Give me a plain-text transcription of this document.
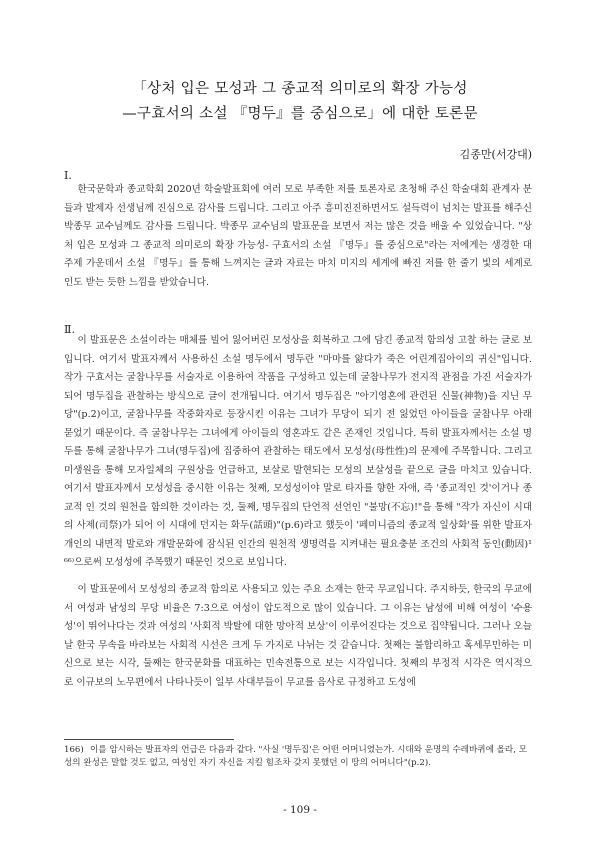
「상처 입은 모성과 그 종교적 의미로의 확장 가능성
—구효서의 소설 『명두』를 중심으로」에 대한 토론문
김종만(서강대)
Ⅰ.

한국문학과 종교학회 2020년 학술발표회에 여러 모로 부족한 저를 토론자로 초청해 주신 학술대회 관계자 분들과 발제자 선생님께 진심으로 감사를 드립니다. 그리고 아주 흥미진진하면서도 설득력이 넘치는 발표를 해주신 박종무 교수님께도 감사를 드립니다. 박종무 교수님의 발표문을 보면서 저는 많은 것을 배울 수 있었습니다. "상처 입은 모성과 그 종교적 의미로의 확장 가능성- 구효서의 소설 『명두』를 중심으로"라는 저에게는 생경한 대주제 가운데서 소설 『명두』를 통해 느껴지는 글과 자료는 마치 미지의 세계에 빠진 저를 한 줄기 빛의 세계로 인도 받는 듯한 느낌을 받았습니다.

Ⅱ.

이 발표문은 소설이라는 매체를 빌어 잃어버린 모성상을 회복하고 그에 담긴 종교적 함의성 고찰 하는 글로 보입니다. 여기서 발표자께서 사용하신 소설 명두에서 명두란 "마마를 앓다가 죽은 어린계집아이의 귀신"입니다. 작가 구효서는 굴참나무를 서술자로 이용하여 작품을 구성하고 있는데 굴참나무가 전지적 관점을 가진 서술자가 되어 명두집을 관찰하는 방식으로 글이 전개됩니다. 여기서 명두집은 "아기영혼에 관련된 신물(神物)을 지닌 무당"(p.2)이고, 굴참나무를 작중화자로 등장시킨 이유는 그녀가 무당이 되기 전 잃었던 아이들을 굴참나무 아래 묻었기 때문이다. 즉 굴참나무는 그녀에게 아이들의 영혼과도 같은 존재인 것입니다. 특히 발표자께서는 소설 명두를 통해 굴참나무가 그녀(명두집)에 집중하여 관찰하는 태도에서 모성성(母性性)의 문제에 주목합니다. 그리고 미생원을 통해 모자일체의 구원상을 언급하고, 보살로 발현되는 모성의 보살성을 끝으로 글을 마치고 있습니다. 여기서 발표자께서 모성성을 중시한 이유는 첫째, 모성성이야 말로 타자를 향한 자애, 즉 '종교적인 것'이거나 종교적 인 것의 원천을 함의한 것이라는 것, 둘째, 명두집의 단언적 선언인 "불망(不忘)!"을 통해 "작가 자신이 시대의 사제(司祭)가 되어 이 시대에 던지는 화두(話頭)"(p.6)라고 했듯이 '페미니즘의 종교적 일상화'를 위한 발표자 개인의 내면적 발로와 개발문화에 잠식된 인간의 원천적 생명력을 지켜내는 필요충분 조건의 사회적 동인(動因)¹⁶⁶⁾으로써 모성성에 주목했기 때문인 것으로 보입니다.

이 발표문에서 모성성의 종교적 함의로 사용되고 있는 주요 소재는 한국 무교입니다. 주지하듯, 한국의 무교에서 여성과 남성의 무당 비율은 7:3으로 여성이 압도적으로 많이 있습니다. 그 이유는 남성에 비해 여성이 '수용성'이 뛰어나다는 것과 여성의 '사회적 박탈에 대한 망아적 보상'이 이루어진다는 것으로 집약됩니다. 그러나 오늘날 한국 무속을 바라보는 사회적 시선은 크게 두 가지로 나뉘는 것 같습니다. 첫째는 불합리하고 혹세무민하는 미신으로 보는 시각, 둘째는 한국문화를 대표하는 민속전통으로 보는 시각입니다. 첫째의 부정적 시각은 역시적으로 이규보의 노무편에서 나타나듯이 일부 사대부들이 무교를 음사로 규정하고 도성에

166) 이를 암시하는 발표자의 언급은 다음과 같다. "사실 '명두집'은 어떤 어머니였는가. 시대와 운명의 수레바퀴에 올라, 모성의 완성은 말할 것도 없고, 여성인 자기 자신을 지킬 힘조차 갖지 못했던 이 땅의 어머니다"(p.2).

- 109 -
